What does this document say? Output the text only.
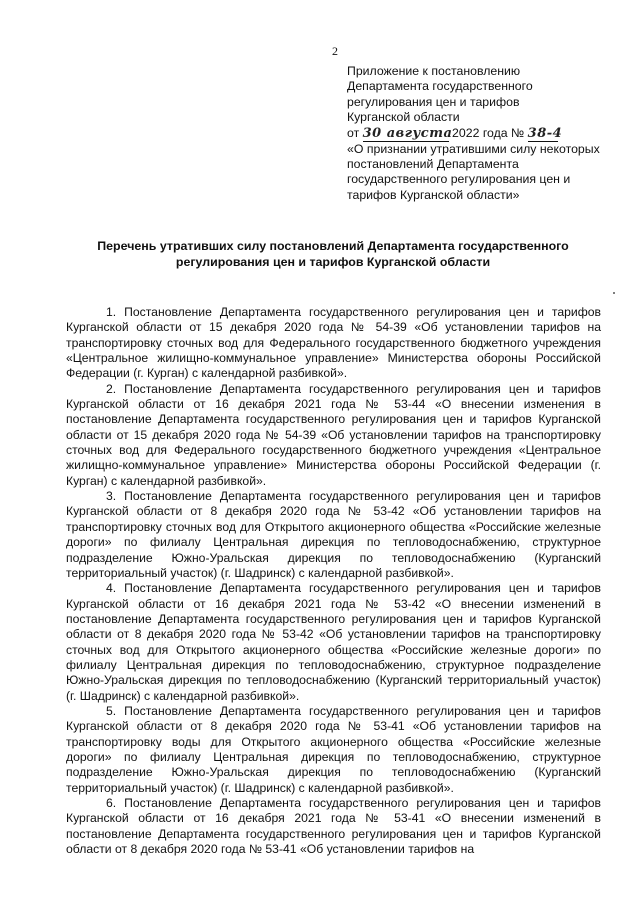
2
Приложение к постановлению
Департамента государственного
регулирования цен и тарифов
Курганской области
от 30 августа 2022 года № 38-4
«О признании утратившими силу некоторых постановлений Департамента государственного регулирования цен и тарифов Курганской области»
Перечень утративших силу постановлений Департамента государственного регулирования цен и тарифов Курганской области

1. Постановление Департамента государственного регулирования цен и тарифов Курганской области от 15 декабря 2020 года № 54-39 «Об установлении тарифов на транспортировку сточных вод для Федерального государственного бюджетного учреждения «Центральное жилищно-коммунальное управление» Министерства обороны Российской Федерации (г. Курган) с календарной разбивкой».

2. Постановление Департамента государственного регулирования цен и тарифов Курганской области от 16 декабря 2021 года № 53-44 «О внесении изменения в постановление Департамента государственного регулирования цен и тарифов Курганской области от 15 декабря 2020 года № 54-39 «Об установлении тарифов на транспортировку сточных вод для Федерального государственного бюджетного учреждения «Центральное жилищно-коммунальное управление» Министерства обороны Российской Федерации (г. Курган) с календарной разбивкой».

3. Постановление Департамента государственного регулирования цен и тарифов Курганской области от 8 декабря 2020 года № 53-42 «Об установлении тарифов на транспортировку сточных вод для Открытого акционерного общества «Российские железные дороги» по филиалу Центральная дирекция по тепловодоснабжению, структурное подразделение Южно-Уральская дирекция по тепловодоснабжению (Курганский территориальный участок) (г. Шадринск) с календарной разбивкой».

4. Постановление Департамента государственного регулирования цен и тарифов Курганской области от 16 декабря 2021 года № 53-42 «О внесении изменений в постановление Департамента государственного регулирования цен и тарифов Курганской области от 8 декабря 2020 года № 53-42 «Об установлении тарифов на транспортировку сточных вод для Открытого акционерного общества «Российские железные дороги» по филиалу Центральная дирекция по тепловодоснабжению, структурное подразделение Южно-Уральская дирекция по тепловодоснабжению (Курганский территориальный участок) (г. Шадринск) с календарной разбивкой».

5. Постановление Департамента государственного регулирования цен и тарифов Курганской области от 8 декабря 2020 года № 53-41 «Об установлении тарифов на транспортировку воды для Открытого акционерного общества «Российские железные дороги» по филиалу Центральная дирекция по тепловодоснабжению, структурное подразделение Южно-Уральская дирекция по тепловодоснабжению (Курганский территориальный участок) (г. Шадринск) с календарной разбивкой».

6. Постановление Департамента государственного регулирования цен и тарифов Курганской области от 16 декабря 2021 года № 53-41 «О внесении изменений в постановление Департамента государственного регулирования цен и тарифов Курганской области от 8 декабря 2020 года № 53-41 «Об установлении тарифов на
